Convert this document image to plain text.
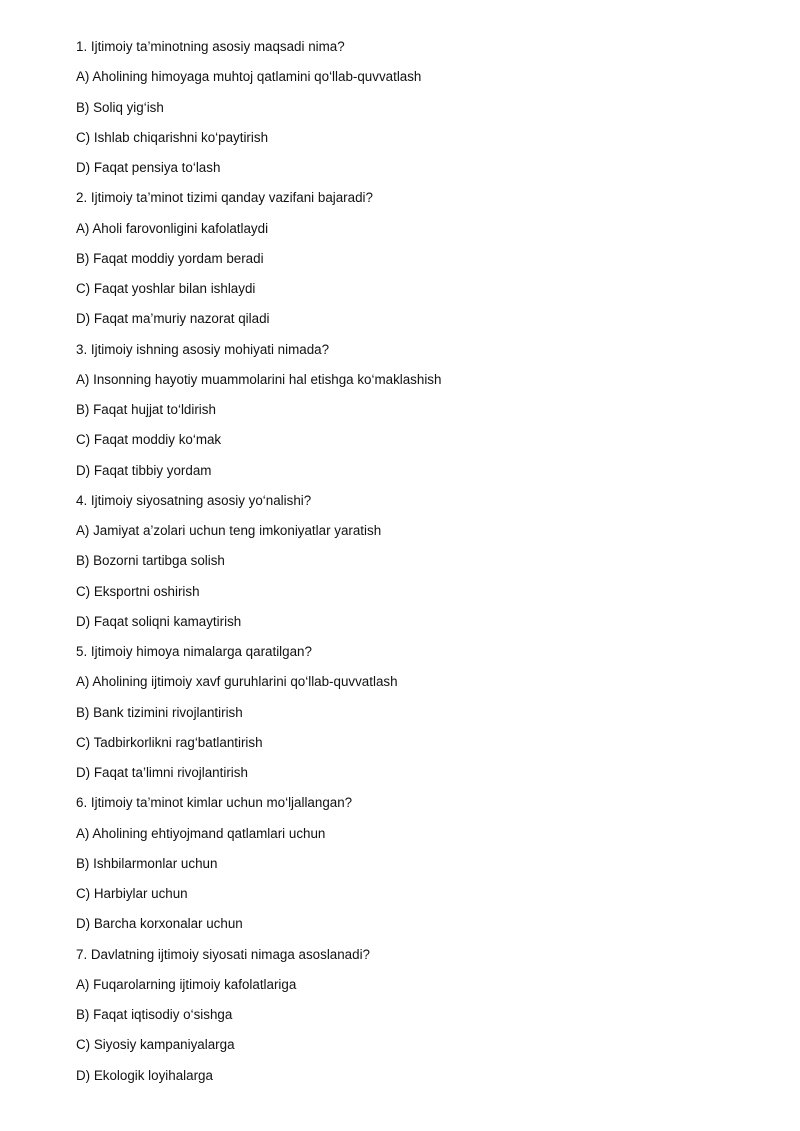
1. Ijtimoiy ta’minotning asosiy maqsadi nima?
A) Aholining himoyaga muhtoj qatlamini qo‘llab-quvvatlash
B) Soliq yig‘ish
C) Ishlab chiqarishni ko‘paytirish
D) Faqat pensiya to‘lash
2. Ijtimoiy ta’minot tizimi qanday vazifani bajaradi?
A) Aholi farovonligini kafolatlaydi
B) Faqat moddiy yordam beradi
C) Faqat yoshlar bilan ishlaydi
D) Faqat ma’muriy nazorat qiladi
3. Ijtimoiy ishning asosiy mohiyati nimada?
A) Insonning hayotiy muammolarini hal etishga ko‘maklashish
B) Faqat hujjat to‘ldirish
C) Faqat moddiy ko‘mak
D) Faqat tibbiy yordam
4. Ijtimoiy siyosatning asosiy yo‘nalishi?
A) Jamiyat a’zolari uchun teng imkoniyatlar yaratish
B) Bozorni tartibga solish
C) Eksportni oshirish
D) Faqat soliqni kamaytirish
5. Ijtimoiy himoya nimalarga qaratilgan?
A) Aholining ijtimoiy xavf guruhlarini qo‘llab-quvvatlash
B) Bank tizimini rivojlantirish
C) Tadbirkorlikni rag‘batlantirish
D) Faqat ta’limni rivojlantirish
6. Ijtimoiy ta’minot kimlar uchun mo‘ljallangan?
A) Aholining ehtiyojmand qatlamlari uchun
B) Ishbilarmonlar uchun
C) Harbiylar uchun
D) Barcha korxonalar uchun
7. Davlatning ijtimoiy siyosati nimaga asoslanadi?
A) Fuqarolarning ijtimoiy kafolatlariga
B) Faqat iqtisodiy o‘sishga
C) Siyosiy kampaniyalarga
D) Ekologik loyihalarga
